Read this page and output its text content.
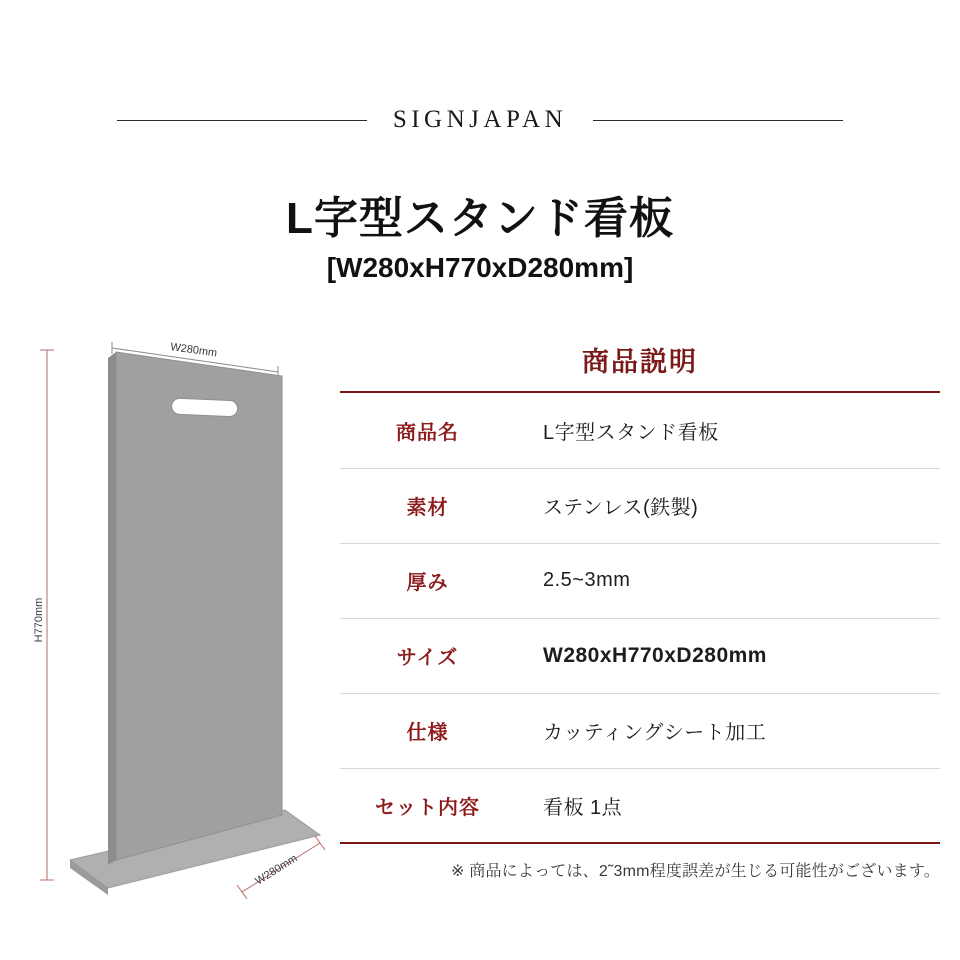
SIGNJAPAN
L字型スタンド看板
[W280xH770xD280mm]
W280mm
H770mm
W280mm
商品説明
商品名	L字型スタンド看板
素材	ステンレス(鉄製)
厚み	2.5~3mm
サイズ	W280xH770xD280mm
仕様	カッティングシート加工
セット内容	看板 1点
※ 商品によっては、2˜3mm程度誤差が生じる可能性がございます。
